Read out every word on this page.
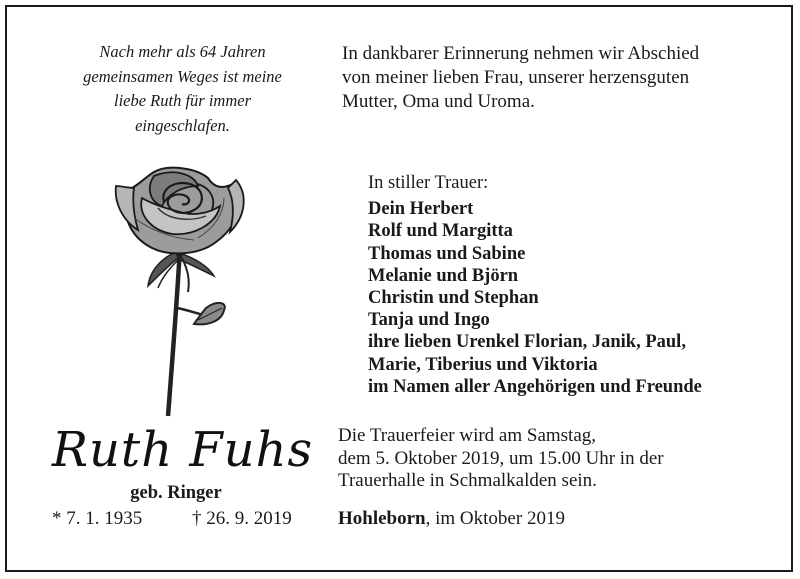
Nach mehr als 64 Jahren
gemeinsamen Weges ist meine
liebe Ruth für immer
eingeschlafen.
In dankbarer Erinnerung nehmen wir Abschied
von meiner lieben Frau, unserer herzensguten
Mutter, Oma und Uroma.
In stiller Trauer:
Dein Herbert
Rolf und Margitta
Thomas und Sabine
Melanie und Björn
Christin und Stephan
Tanja und Ingo
ihre lieben Urenkel Florian, Janik, Paul,
Marie, Tiberius und Viktoria
im Namen aller Angehörigen und Freunde
Ruth Fuhs
geb. Ringer
* 7. 1. 1935	† 26. 9. 2019
Die Trauerfeier wird am Samstag,
dem 5. Oktober 2019, um 15.00 Uhr in der
Trauerhalle in Schmalkalden sein.
Hohleborn, im Oktober 2019
